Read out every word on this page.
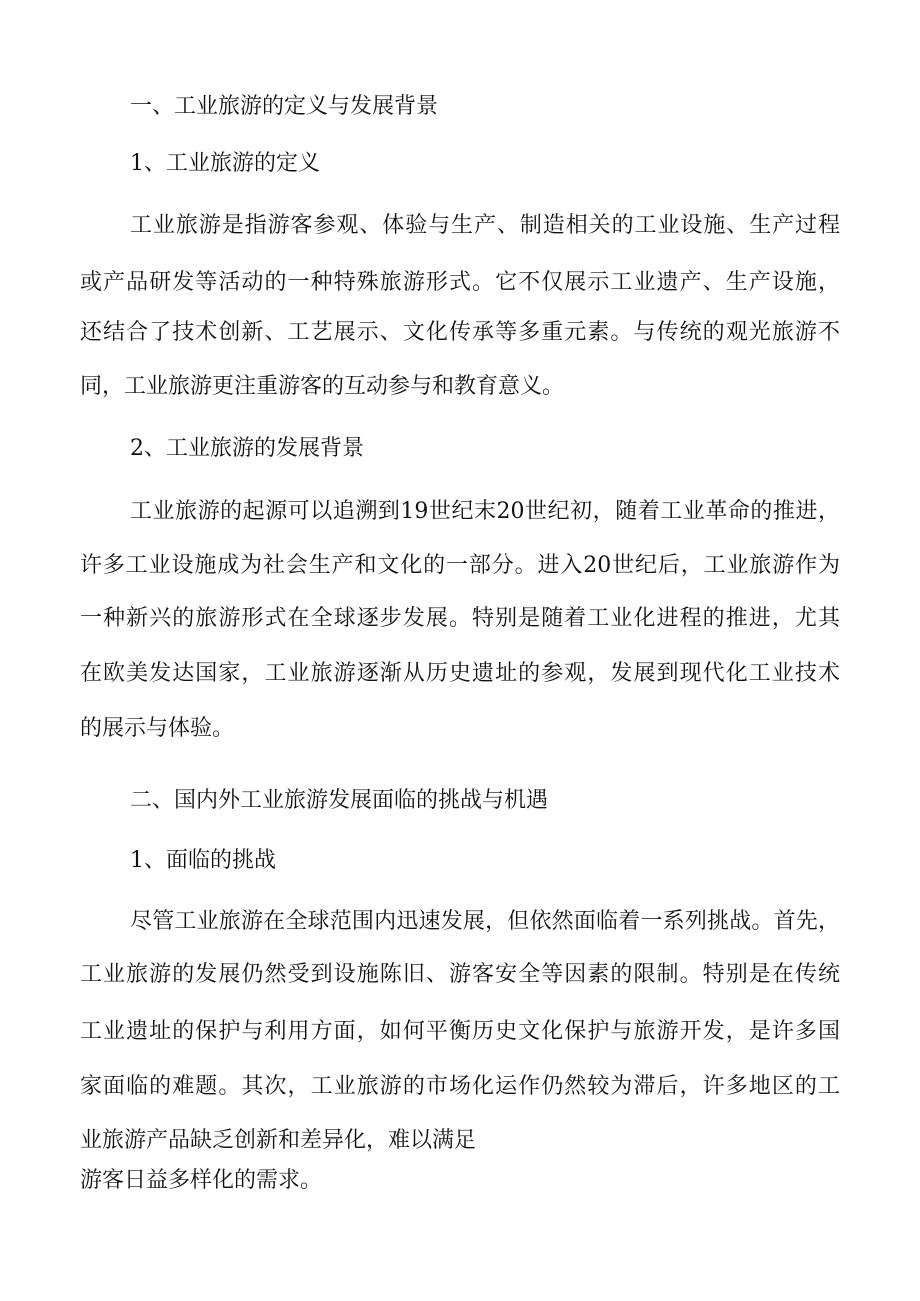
一、工业旅游的定义与发展背景

1、工业旅游的定义

工业旅游是指游客参观、体验与生产、制造相关的工业设施、生产过程

或产品研发等活动的一种特殊旅游形式。它不仅展示工业遗产、生产设施，

还结合了技术创新、工艺展示、文化传承等多重元素。与传统的观光旅游不

同，工业旅游更注重游客的互动参与和教育意义。

2、工业旅游的发展背景

工业旅游的起源可以追溯到19世纪末20世纪初，随着工业革命的推进，

许多工业设施成为社会生产和文化的一部分。进入20世纪后，工业旅游作为

一种新兴的旅游形式在全球逐步发展。特别是随着工业化进程的推进，尤其

在欧美发达国家，工业旅游逐渐从历史遗址的参观，发展到现代化工业技术

的展示与体验。

二、国内外工业旅游发展面临的挑战与机遇

1、面临的挑战

尽管工业旅游在全球范围内迅速发展，但依然面临着一系列挑战。首先，

工业旅游的发展仍然受到设施陈旧、游客安全等因素的限制。特别是在传统

工业遗址的保护与利用方面，如何平衡历史文化保护与旅游开发，是许多国

家面临的难题。其次，工业旅游的市场化运作仍然较为滞后，许多地区的工

业旅游产品缺乏创新和差异化，难以满足

游客日益多样化的需求。
